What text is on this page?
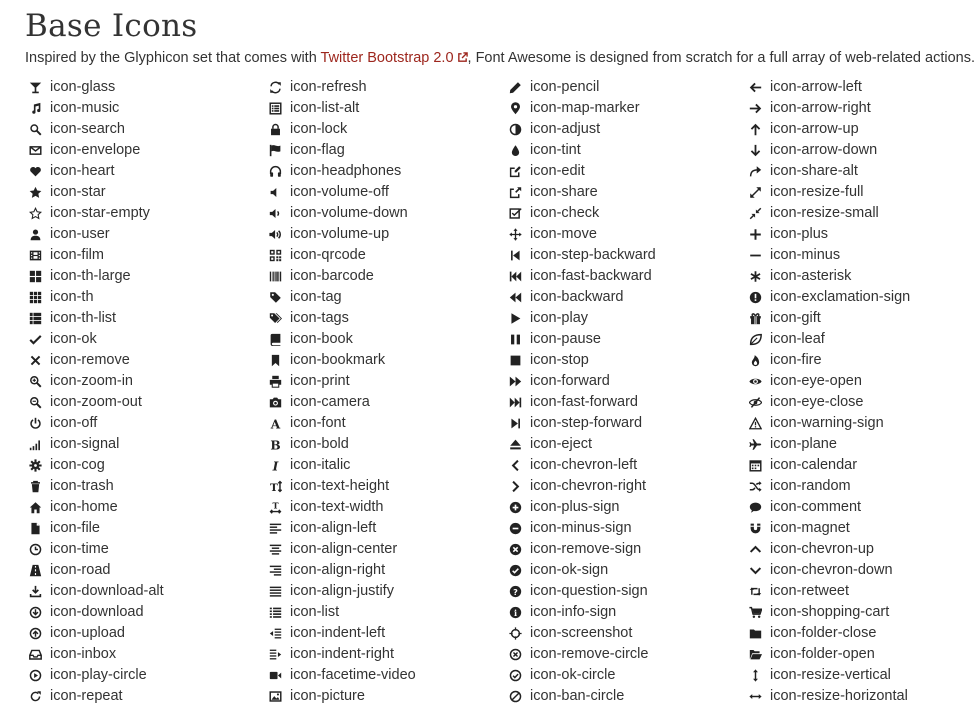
Base Icons

Inspired by the Glyphicon set that comes with Twitter Bootstrap 2.0 , Font Awesome is designed from scratch for a full array of web-related actions.

icon-glass
icon-music
icon-search
icon-envelope
icon-heart
icon-star
icon-star-empty
icon-user
icon-film
icon-th-large
icon-th
icon-th-list
icon-ok
icon-remove
icon-zoom-in
icon-zoom-out
icon-off
icon-signal
icon-cog
icon-trash
icon-home
icon-file
icon-time
icon-road
icon-download-alt
icon-download
icon-upload
icon-inbox
icon-play-circle
icon-repeat
icon-refresh
icon-list-alt
icon-lock
icon-flag
icon-headphones
icon-volume-off
icon-volume-down
icon-volume-up
icon-qrcode
icon-barcode
icon-tag
icon-tags
icon-book
icon-bookmark
icon-print
icon-camera
A icon-font
B icon-bold
I icon-italic
T icon-text-height
T icon-text-width
icon-align-left
icon-align-center
icon-align-right
icon-align-justify
icon-list
icon-indent-left
icon-indent-right
icon-facetime-video
icon-picture
icon-pencil
icon-map-marker
icon-adjust
icon-tint
icon-edit
icon-share
icon-check
icon-move
icon-step-backward
icon-fast-backward
icon-backward
icon-play
icon-pause
icon-stop
icon-forward
icon-fast-forward
icon-step-forward
icon-eject
icon-chevron-left
icon-chevron-right
icon-plus-sign
icon-minus-sign
icon-remove-sign
icon-ok-sign
? icon-question-sign
i icon-info-sign
icon-screenshot
icon-remove-circle
icon-ok-circle
icon-ban-circle
icon-arrow-left
icon-arrow-right
icon-arrow-up
icon-arrow-down
icon-share-alt
icon-resize-full
icon-resize-small
icon-plus
icon-minus
icon-asterisk
icon-exclamation-sign
icon-gift
icon-leaf
icon-fire
icon-eye-open
icon-eye-close
icon-warning-sign
icon-plane
icon-calendar
icon-random
icon-comment
icon-magnet
icon-chevron-up
icon-chevron-down
icon-retweet
icon-shopping-cart
icon-folder-close
icon-folder-open
icon-resize-vertical
icon-resize-horizontal
